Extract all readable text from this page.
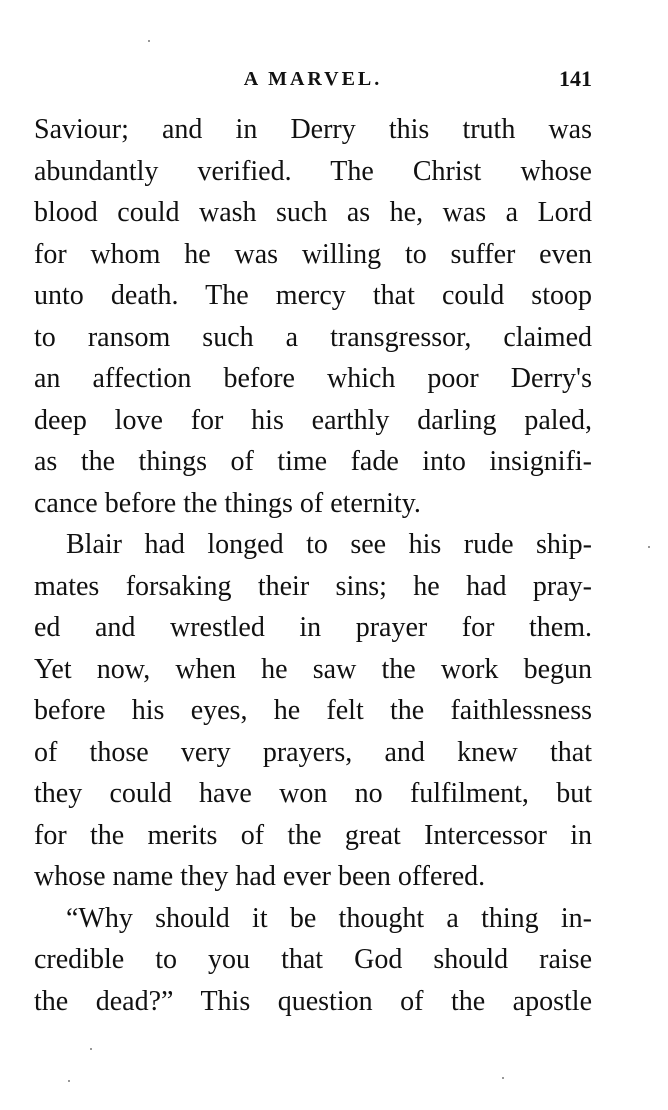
A MARVEL.	141
Saviour; and in Derry this truth was
abundantly verified. The Christ whose
blood could wash such as he, was a Lord
for whom he was willing to suffer even
unto death. The mercy that could stoop
to ransom such a transgressor, claimed
an affection before which poor Derry's
deep love for his earthly darling paled,
as the things of time fade into insignifi-
cance before the things of eternity.
Blair had longed to see his rude ship-
mates forsaking their sins; he had pray-
ed and wrestled in prayer for them.
Yet now, when he saw the work begun
before his eyes, he felt the faithlessness
of those very prayers, and knew that
they could have won no fulfilment, but
for the merits of the great Intercessor in
whose name they had ever been offered.
“Why should it be thought a thing in-
credible to you that God should raise
the dead?” This question of the apostle
